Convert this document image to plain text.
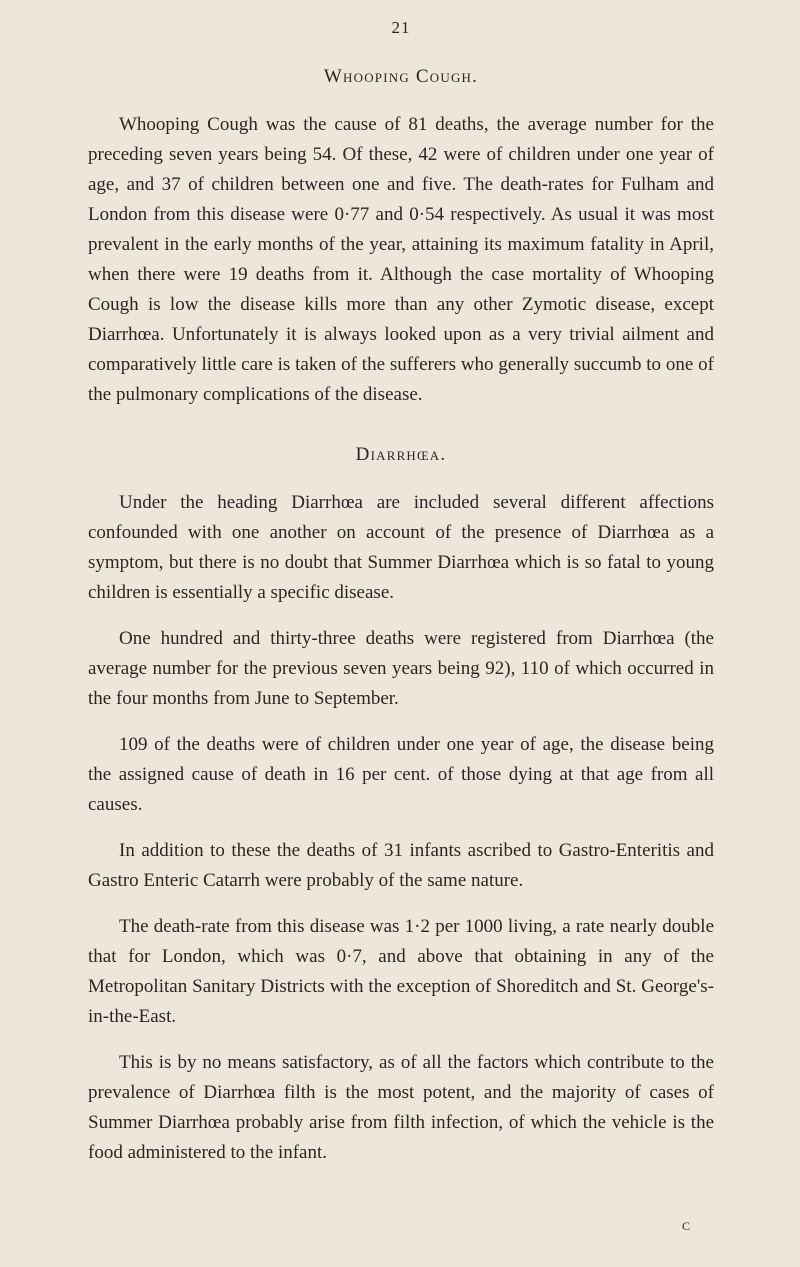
21
Whooping Cough.

Whooping Cough was the cause of 81 deaths, the average number for the preceding seven years being 54. Of these, 42 were of children under one year of age, and 37 of children between one and five. The death-rates for Fulham and London from this disease were 0·77 and 0·54 respectively. As usual it was most prevalent in the early months of the year, attaining its maximum fatality in April, when there were 19 deaths from it. Although the case mortality of Whooping Cough is low the disease kills more than any other Zymotic disease, except Diarrhœa. Unfortunately it is always looked upon as a very trivial ailment and comparatively little care is taken of the sufferers who generally succumb to one of the pulmonary complications of the disease.

Diarrhœa.

Under the heading Diarrhœa are included several different affections confounded with one another on account of the presence of Diarrhœa as a symptom, but there is no doubt that Summer Diarrhœa which is so fatal to young children is essentially a specific disease.

One hundred and thirty-three deaths were registered from Diarrhœa (the average number for the previous seven years being 92), 110 of which occurred in the four months from June to September.

109 of the deaths were of children under one year of age, the disease being the assigned cause of death in 16 per cent. of those dying at that age from all causes.

In addition to these the deaths of 31 infants ascribed to Gastro-Enteritis and Gastro Enteric Catarrh were probably of the same nature.

The death-rate from this disease was 1·2 per 1000 living, a rate nearly double that for London, which was 0·7, and above that obtaining in any of the Metropolitan Sanitary Districts with the exception of Shoreditch and St. George's-in-the-East.

This is by no means satisfactory, as of all the factors which contribute to the prevalence of Diarrhœa filth is the most potent, and the majority of cases of Summer Diarrhœa probably arise from filth infection, of which the vehicle is the food administered to the infant.

c
